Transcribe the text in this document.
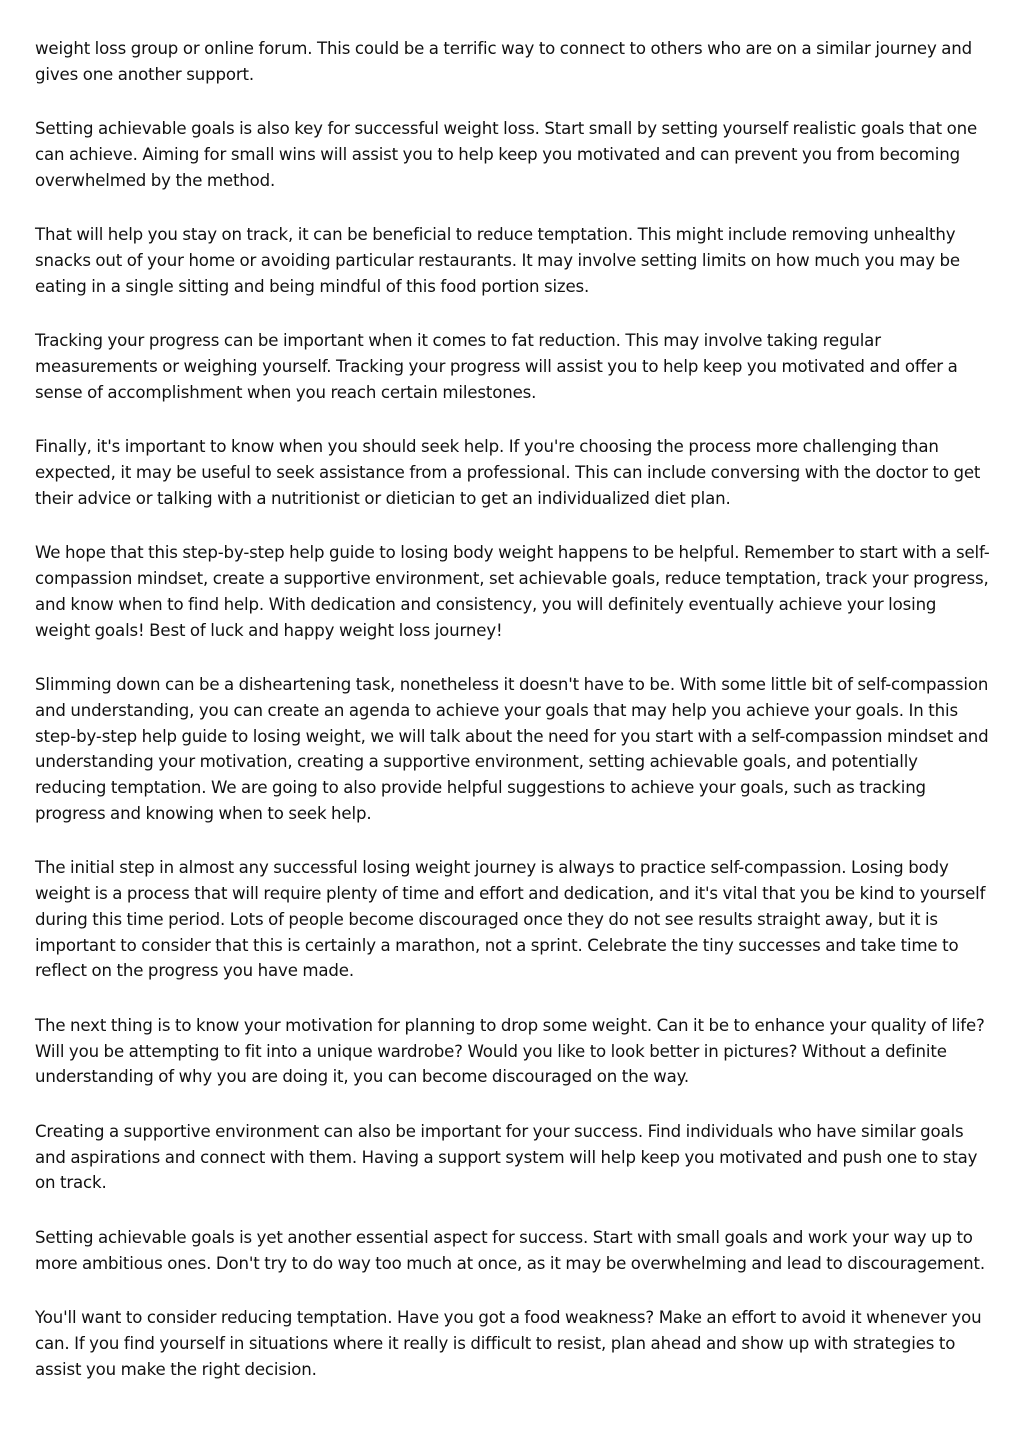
weight loss group or online forum. This could be a terrific way to connect to others who are on a similar journey and gives one another support.

Setting achievable goals is also key for successful weight loss. Start small by setting yourself realistic goals that one can achieve. Aiming for small wins will assist you to help keep you motivated and can prevent you from becoming overwhelmed by the method.

That will help you stay on track, it can be beneficial to reduce temptation. This might include removing unhealthy snacks out of your home or avoiding particular restaurants. It may involve setting limits on how much you may be eating in a single sitting and being mindful of this food portion sizes.

Tracking your progress can be important when it comes to fat reduction. This may involve taking regular measurements or weighing yourself. Tracking your progress will assist you to help keep you motivated and offer a sense of accomplishment when you reach certain milestones.

Finally, it's important to know when you should seek help. If you're choosing the process more challenging than expected, it may be useful to seek assistance from a professional. This can include conversing with the doctor to get their advice or talking with a nutritionist or dietician to get an individualized diet plan.

We hope that this step-by-step help guide to losing body weight happens to be helpful. Remember to start with a self-compassion mindset, create a supportive environment, set achievable goals, reduce temptation, track your progress, and know when to find help. With dedication and consistency, you will definitely eventually achieve your losing weight goals! Best of luck and happy weight loss journey!

Slimming down can be a disheartening task, nonetheless it doesn't have to be. With some little bit of self-compassion and understanding, you can create an agenda to achieve your goals that may help you achieve your goals. In this step-by-step help guide to losing weight, we will talk about the need for you start with a self-compassion mindset and understanding your motivation, creating a supportive environment, setting achievable goals, and potentially reducing temptation. We are going to also provide helpful suggestions to achieve your goals, such as tracking progress and knowing when to seek help.

The initial step in almost any successful losing weight journey is always to practice self-compassion. Losing body weight is a process that will require plenty of time and effort and dedication, and it's vital that you be kind to yourself during this time period. Lots of people become discouraged once they do not see results straight away, but it is important to consider that this is certainly a marathon, not a sprint. Celebrate the tiny successes and take time to reflect on the progress you have made.

The next thing is to know your motivation for planning to drop some weight. Can it be to enhance your quality of life? Will you be attempting to fit into a unique wardrobe? Would you like to look better in pictures? Without a definite understanding of why you are doing it, you can become discouraged on the way.

Creating a supportive environment can also be important for your success. Find individuals who have similar goals and aspirations and connect with them. Having a support system will help keep you motivated and push one to stay on track.

Setting achievable goals is yet another essential aspect for success. Start with small goals and work your way up to more ambitious ones. Don't try to do way too much at once, as it may be overwhelming and lead to discouragement.

You'll want to consider reducing temptation. Have you got a food weakness? Make an effort to avoid it whenever you can. If you find yourself in situations where it really is difficult to resist, plan ahead and show up with strategies to assist you make the right decision.
